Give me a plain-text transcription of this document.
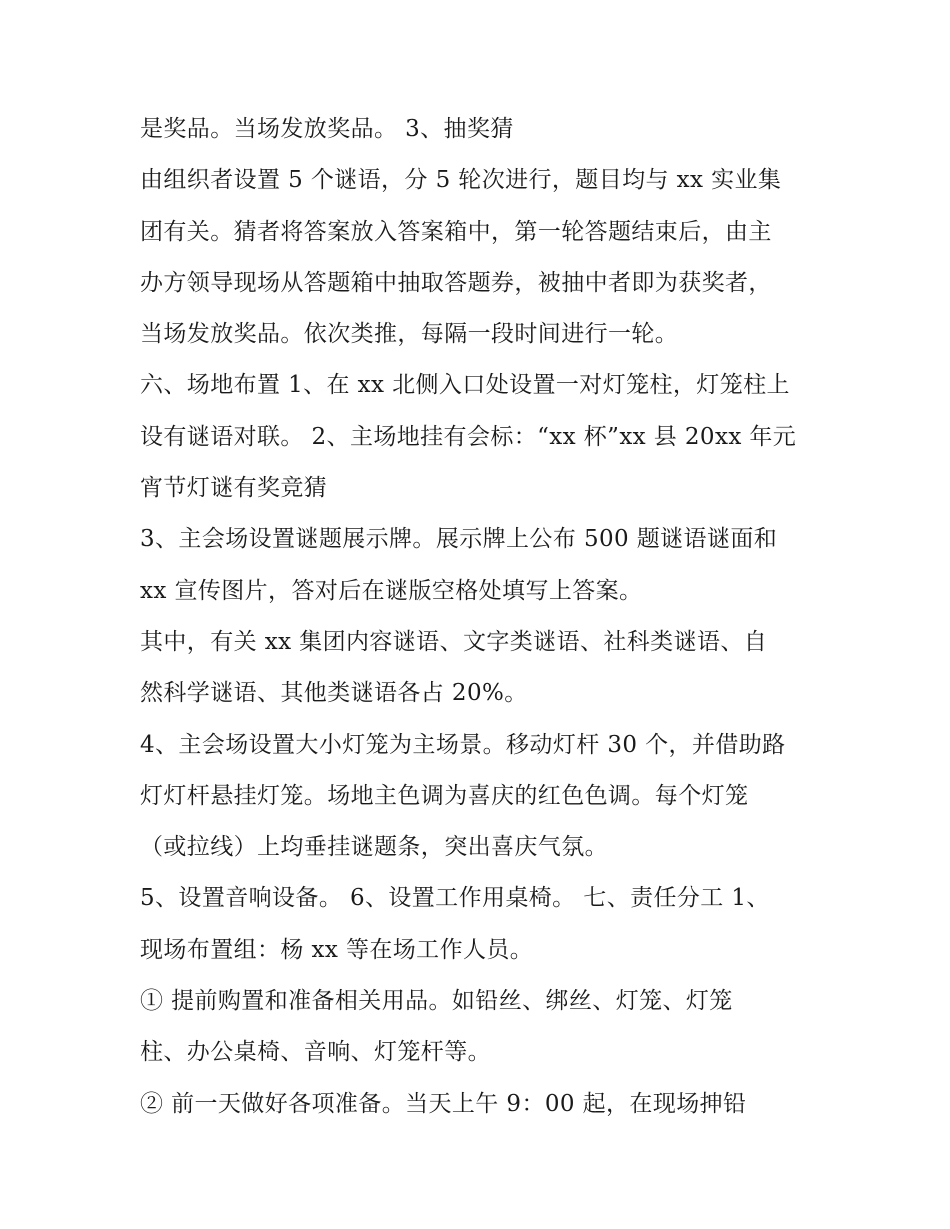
是奖品。当场发放奖品。 3、抽奖猜
由组织者设置 5 个谜语，分 5 轮次进行，题目均与 xx 实业集
团有关。猜者将答案放入答案箱中，第一轮答题结束后，由主
办方领导现场从答题箱中抽取答题券，被抽中者即为获奖者，
当场发放奖品。依次类推，每隔一段时间进行一轮。
六、场地布置 1、在 xx 北侧入口处设置一对灯笼柱，灯笼柱上
设有谜语对联。 2、主场地挂有会标：“xx 杯”xx 县 20xx 年元
宵节灯谜有奖竞猜
3、主会场设置谜题展示牌。展示牌上公布 500 题谜语谜面和
xx 宣传图片，答对后在谜版空格处填写上答案。
其中，有关 xx 集团内容谜语、文字类谜语、社科类谜语、自
然科学谜语、其他类谜语各占 20%。
4、主会场设置大小灯笼为主场景。移动灯杆 30 个，并借助路
灯灯杆悬挂灯笼。场地主色调为喜庆的红色色调。每个灯笼
（或拉线）上均垂挂谜题条，突出喜庆气氛。
5、设置音响设备。 6、设置工作用桌椅。 七、责任分工 1、
现场布置组：杨 xx 等在场工作人员。
① 提前购置和准备相关用品。如铅丝、绑丝、灯笼、灯笼
柱、办公桌椅、音响、灯笼杆等。
② 前一天做好各项准备。当天上午 9：00 起，在现场抻铅
